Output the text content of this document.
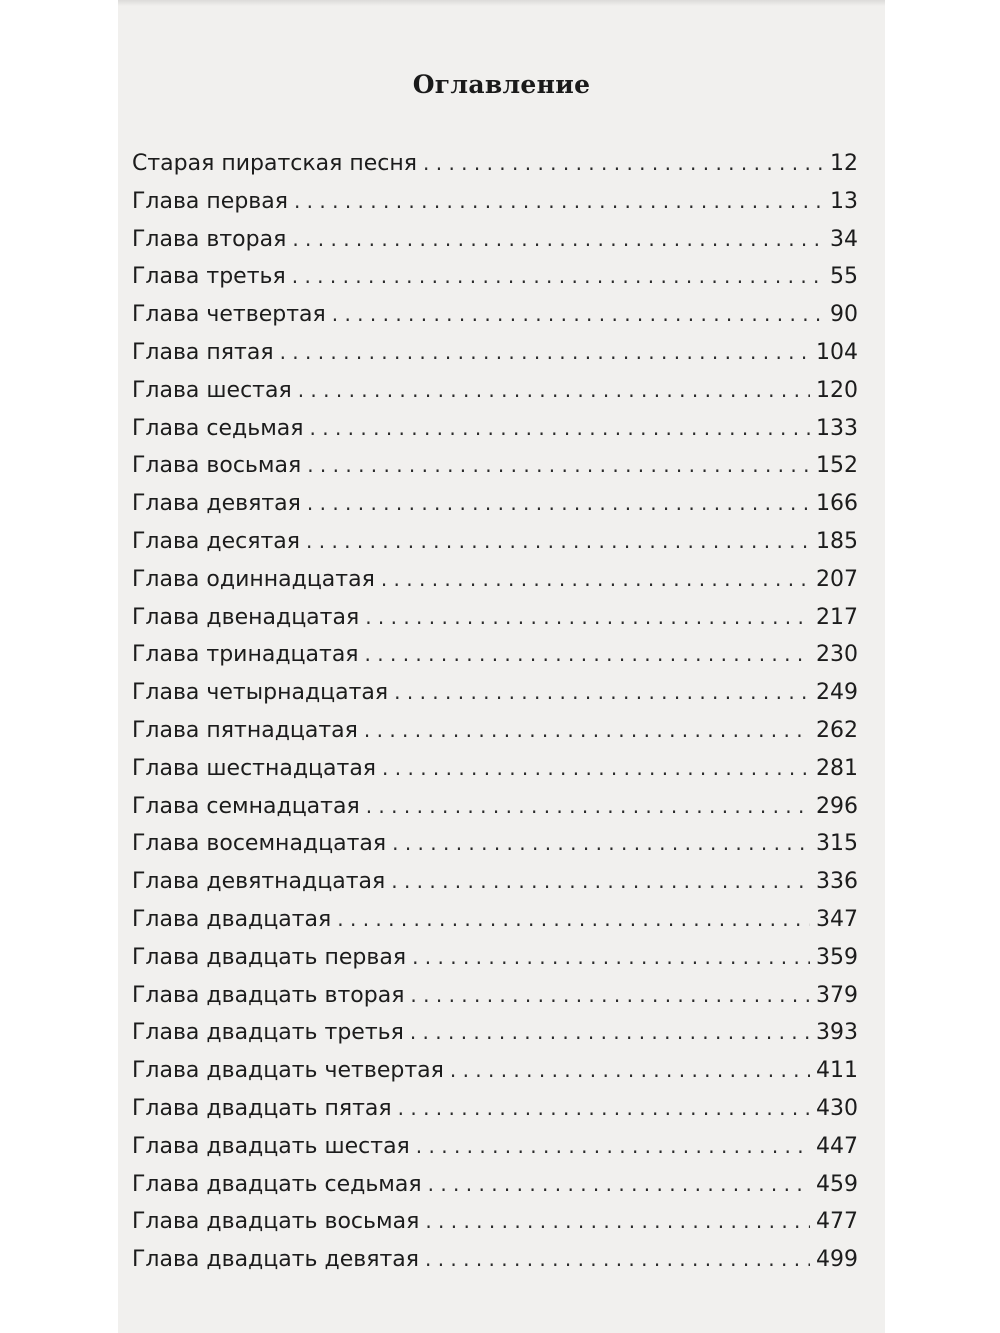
Оглавление
Старая пиратская песня . . .	12
Глава первая . . .	13
Глава вторая . . .	34
Глава третья . . .	55
Глава четвертая . . .	90
Глава пятая . . .	104
Глава шестая . . .	120
Глава седьмая . . .	133
Глава восьмая . . .	152
Глава девятая . . .	166
Глава десятая . . .	185
Глава одиннадцатая . . .	207
Глава двенадцатая . . .	217
Глава тринадцатая . . .	230
Глава четырнадцатая . . .	249
Глава пятнадцатая . . .	262
Глава шестнадцатая . . .	281
Глава семнадцатая . . .	296
Глава восемнадцатая . . .	315
Глава девятнадцатая . . .	336
Глава двадцатая . . .	347
Глава двадцать первая . . .	359
Глава двадцать вторая . . .	379
Глава двадцать третья . . .	393
Глава двадцать четвертая . . .	411
Глава двадцать пятая . . .	430
Глава двадцать шестая . . .	447
Глава двадцать седьмая . . .	459
Глава двадцать восьмая . . .	477
Глава двадцать девятая . . .	499
